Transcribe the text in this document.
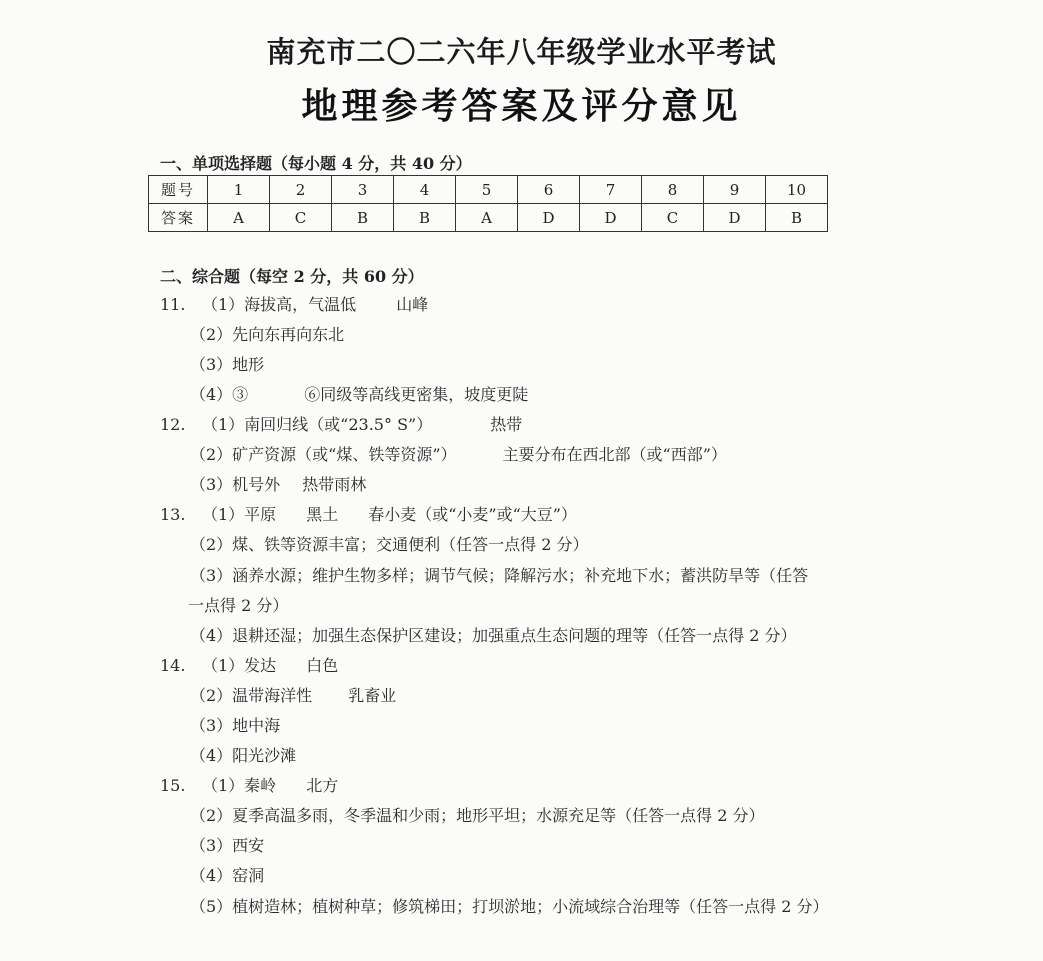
南充市二〇二六年八年级学业水平考试
地理参考答案及评分意见
一、单项选择题（每小题 4 分，共 40 分）
题号	1	2	3	4	5	6	7	8	9	10
答案	A	C	B	B	A	D	D	C	D	B
二、综合题（每空 2 分，共 60 分）
11. （1）海拔高，气温低	山峰
（2）先向东再向东北
（3）地形
（4）③	⑥同级等高线更密集，坡度更陡
12. （1）南回归线（或“23.5° S”）	热带
（2）矿产资源（或“煤、铁等资源”）	主要分布在西北部（或“西部”）
（3）机号外 热带雨林
13. （1）平原 黑土 春小麦（或“小麦”或“大豆”）
（2）煤、铁等资源丰富；交通便利（任答一点得 2 分）
（3）涵养水源；维护生物多样；调节气候；降解污水；补充地下水；蓄洪防旱等（任答
一点得 2 分）
（4）退耕还湿；加强生态保护区建设；加强重点生态问题的理等（任答一点得 2 分）
14. （1）发达 白色
（2）温带海洋性 乳畜业
（3）地中海
（4）阳光沙滩
15. （1）秦岭 北方
（2）夏季高温多雨，冬季温和少雨；地形平坦；水源充足等（任答一点得 2 分）
（3）西安
（4）窑洞
（5）植树造林；植树种草；修筑梯田；打坝淤地；小流域综合治理等（任答一点得 2 分）
